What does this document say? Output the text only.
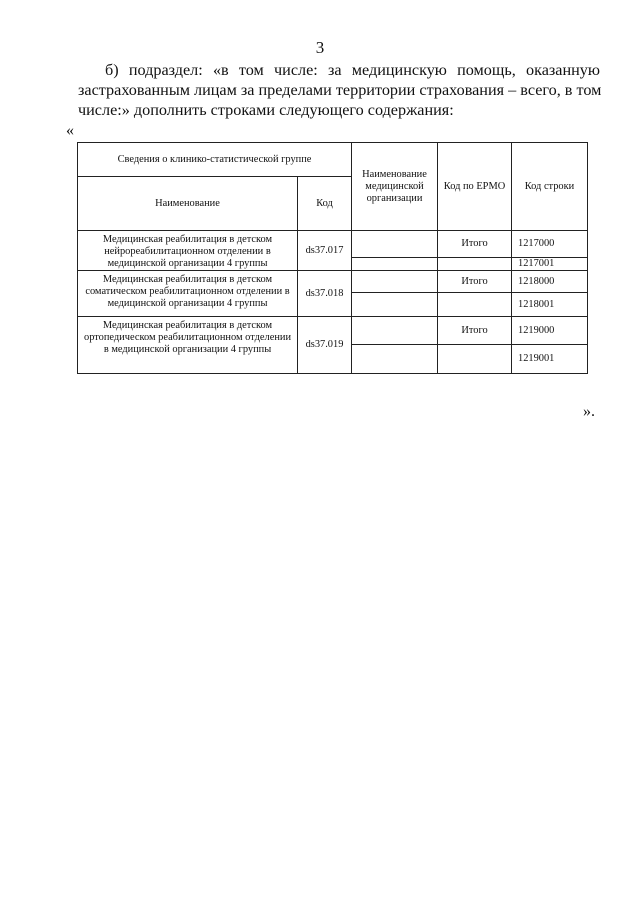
3
б) подраздел: «в том числе: за медицинскую помощь, оказанную
застрахованным лицам за пределами территории страхования – всего, в том
числе:» дополнить строками следующего содержания:
«
Сведения о клинико-статистической группе		Наименование медицинской организации	Код по ЕРМО	Код строки
Наименование	Код			
Медицинская реабилитация в детском нейрореабилитационном отделении в медицинской организации 4 группы	ds37.017		Итого	1217000
				1217001
Медицинская реабилитация в детском соматическом реабилитационном отделении в медицинской организации 4 группы	ds37.018		Итого	1218000
				1218001
Медицинская реабилитация в детском ортопедическом реабилитационном отделении в медицинской организации 4 группы	ds37.019		Итого	1219000
				1219001
».
